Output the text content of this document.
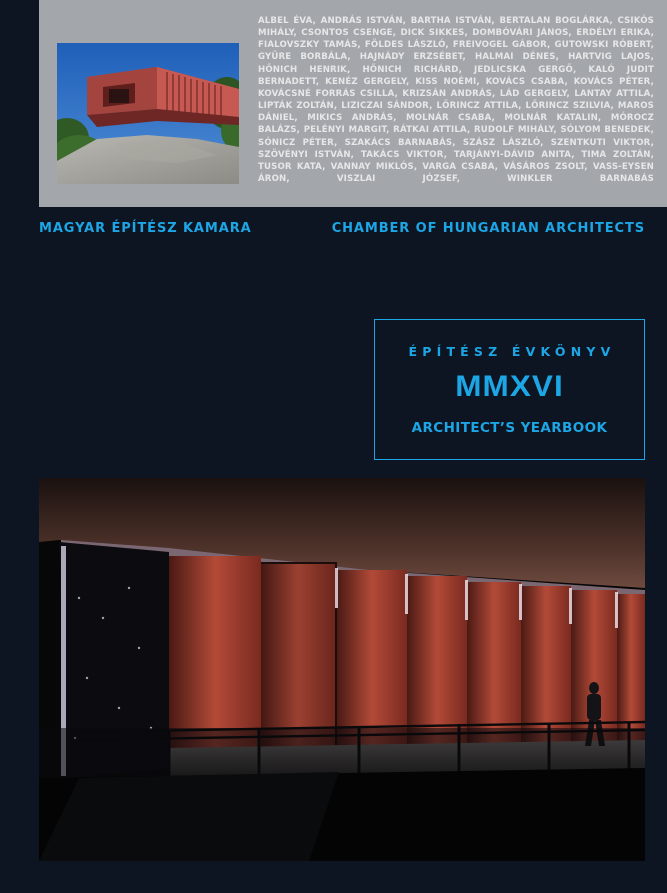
ALBEL ÉVA, ANDRÁS ISTVÁN, BARTHA ISTVÁN, BERTALAN BOGLÁRKA, CSIKÓS MIHÁLY, CSONTOS CSENGE, DICK SIKKES, DOMBÓVÁRI JÁNOS, ERDÉLYI ERIKA, FIALOVSZKY TAMÁS, FÖLDES LÁSZLÓ, FREIVOGEL GÁBOR, GUTOWSKI RÓBERT, GYÜRE BORBÁLA, HAJNÁDY ERZSÉBET, HALMAI DÉNES, HARTVIG LAJOS, HŐNICH HENRIK, HŐNICH RICHÁRD, JEDLICSKA GERGŐ, KALÓ JUDIT BERNADETT, KENÉZ GERGELY, KISS NOÉMI, KOVÁCS CSABA, KOVÁCS PÉTER, KOVÁCSNÉ FORRÁS CSILLA, KRIZSÁN ANDRÁS, LÁD GERGELY, LANTAY ATTILA, LIPTÁK ZOLTÁN, LIZICZAI SÁNDOR, LŐRINCZ ATTILA, LŐRINCZ SZILVIA, MAROS DÁNIEL, MIKICS ANDRÁS, MOLNÁR CSABA, MOLNÁR KATALIN, MÓROCZ BALÁZS, PELÉNYI MARGIT, RÁTKAI ATTILA, RUDOLF MIHÁLY, SÓLYOM BENEDEK, SÓNICZ PÉTER, SZAKÁCS BARNABÁS, SZÁSZ LÁSZLÓ, SZENTKUTI VIKTOR, SZÖVÉNYI ISTVÁN, TAKÁCS VIKTOR, TARJÁNYI-DÁVID ANITA, TIMA ZOLTÁN, TUSOR KATA, VANNAY MIKLÓS, VARGA CSABA, VÁSÁROS ZSOLT, VASS-EYSEN ÁRON, VISZLAI JÓZSEF, WINKLER BARNABÁS
MAGYAR ÉPÍTÉSZ KAMARA	CHAMBER OF HUNGARIAN ARCHITECTS
ÉPÍTÉSZ ÉVKÖNYV
MMXVI
ARCHITECT’S YEARBOOK
